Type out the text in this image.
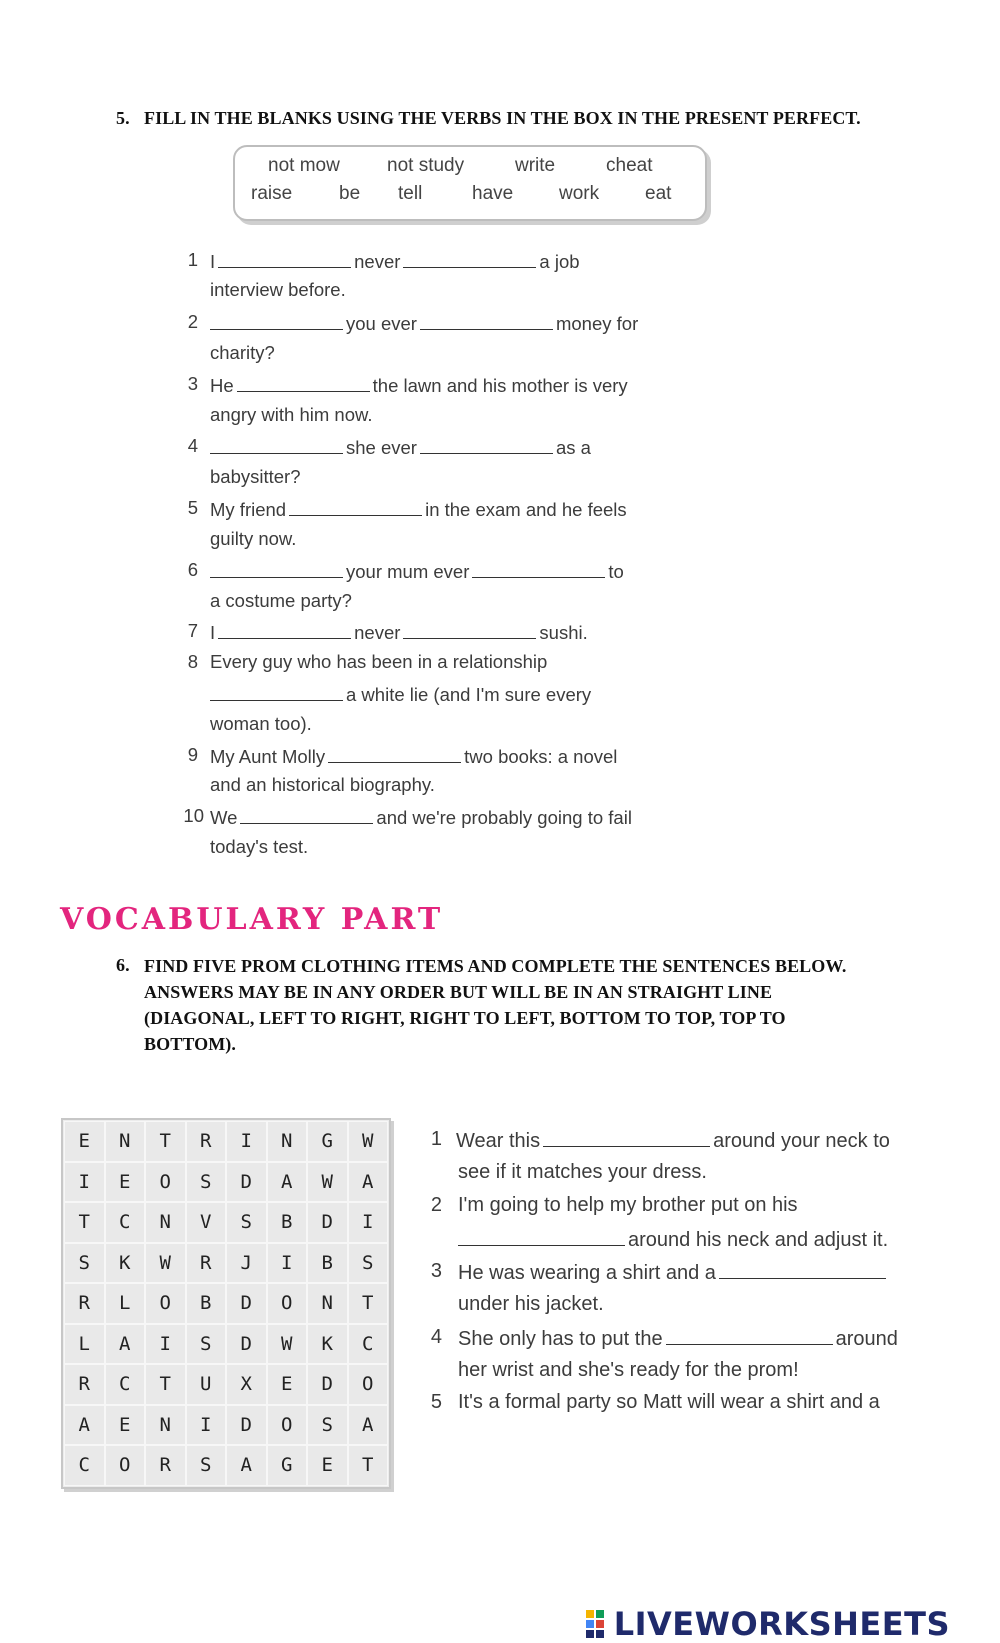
5. FILL IN THE BLANKS USING THE VERBS IN THE BOX IN THE PRESENT PERFECT.
not mow not study	write	cheat
raise be tell	have work eat
1 I	never	a job
interview before.
2	you ever	money for
charity?
3 He	the lawn and his mother is very
angry with him now.
4	she ever	as a
babysitter?
5 My friend	in the exam and he feels
guilty now.
6	your mum ever	to
a costume party?
7 I	never	sushi.
8 Every guy who has been in a relationship
a white lie (and I'm sure every
woman too).
9 My Aunt Molly	two books: a novel
and an historical biography.
10 We	and we're probably going to fail
today's test.
VOCABULARY PART
6. FIND FIVE PROM CLOTHING ITEMS AND COMPLETE THE SENTENCES BELOW.
ANSWERS MAY BE IN ANY ORDER BUT WILL BE IN AN STRAIGHT LINE
(DIAGONAL, LEFT TO RIGHT, RIGHT TO LEFT, BOTTOM TO TOP, TOP TO
BOTTOM).
E	N	T	R	I	N	G	W
I	E	O	S	D	A	W	A
T	C	N	V	S	B	D	I
S	K	W	R	J	I	B	S
R	L	O	B	D	O	N	T
L	A	I	S	D	W	K	C
R	C	T	U	X	E	D	O
A	E	N	I	D	O	S	A
C	O	R	S	A	G	E	T
1 Wear this	around your neck to
see if it matches your dress.
2 I'm going to help my brother put on his
around his neck and adjust it.
3 He was wearing a shirt and a
under his jacket.
4 She only has to put the	around
her wrist and she's ready for the prom!
5 It's a formal party so Matt will wear a shirt and a
LIVEWORKSHEETS
